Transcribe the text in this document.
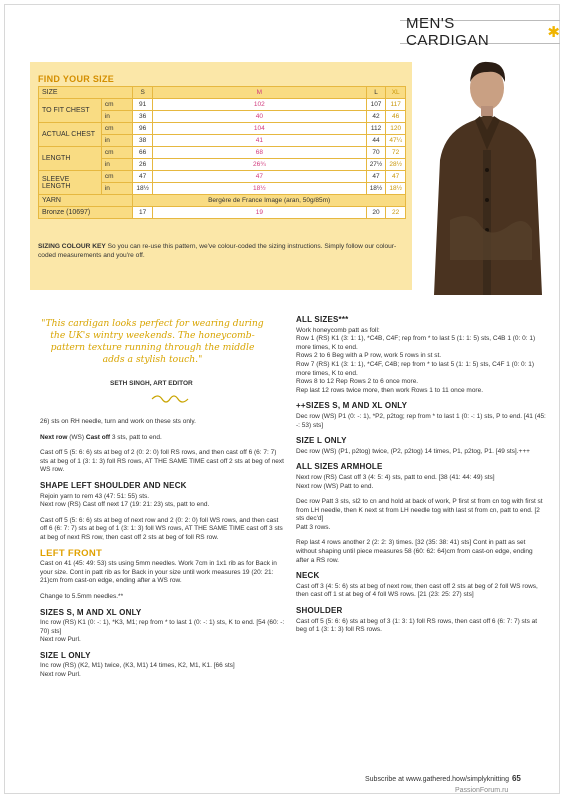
MEN'S CARDIGAN	✱
FIND YOUR SIZE
SIZE		S	M	L	XL
TO FIT CHEST	cm	91	102	107	117
	in	36	40	42	46
ACTUAL CHEST	cm	96	104	112	120
	in	38	41	44	47¼
LENGTH	cm	66	68	70	72
	in	26	26¾	27½	28½
SLEEVE LENGTH	cm	47	47	47	47
	in	18½	18½	18½	18½
YARN		Bergère de France Image (aran, 50g/85m)			
Bronze (10697)		17	19	20	22
SIZING COLOUR KEY So you can re-use this pattern, we've colour-coded the sizing instructions. Simply follow our colour-coded measurements and you're off.
"This cardigan looks perfect for wearing during the UK's wintry weekends. The honeycomb-pattern texture running through the middle adds a stylish touch."
SETH SINGH, ART EDITOR

26) sts on RH needle, turn and work on these sts only.

Next row (WS) Cast off 3 sts, patt to end.

Cast off 5 (5: 6: 6) sts at beg of 2 (0: 2: 0) foll RS rows, and then cast off 6 (6: 7: 7) sts at beg of 1 (3: 1: 3) foll RS rows, AT THE SAME TIME cast off 2 sts at beg of next WS row.

SHAPE LEFT SHOULDER AND NECK

Rejoin yarn to rem 43 (47: 51: 55) sts.

Next row (RS) Cast off next 17 (19: 21: 23) sts, patt to end.

Cast off 5 (5: 6: 6) sts at beg of next row and 2 (0: 2: 0) foll WS rows, and then cast off 6 (6: 7: 7) sts at beg of 1 (3: 1: 3) foll WS rows, AT THE SAME TIME cast off 3 sts at beg of next RS row, then cast off 2 sts at beg of foll RS row.

LEFT FRONT

Cast on 41 (45: 49: 53) sts using 5mm needles. Work 7cm in 1x1 rib as for Back in your size. Cont in patt rib as for Back in your size until work measures 19 (20: 21: 21)cm from cast-on edge, ending after a WS row.

Change to 5.5mm needles.**

SIZES S, M AND XL ONLY

Inc row (RS) K1 (0: -: 1), *K3, M1; rep from * to last 1 (0: -: 1) sts, K to end. [54 (60: -: 70) sts]

Next row Purl.

SIZE L ONLY

Inc row (RS) (K2, M1) twice, (K3, M1) 14 times, K2, M1, K1. [66 sts]

Next row Purl.

ALL SIZES***

Work honeycomb patt as foll:

Row 1 (RS) K1 (3: 1: 1), *C4B, C4F; rep from * to last 5 (1: 1: 5) sts, C4B 1 (0: 0: 1) more times, K to end.

Rows 2 to 6 Beg with a P row, work 5 rows in st st.

Row 7 (RS) K1 (3: 1: 1), *C4F, C4B; rep from * to last 5 (1: 1: 5) sts, C4F 1 (0: 0: 1) more times, K to end.

Rows 8 to 12 Rep Rows 2 to 6 once more.

Rep last 12 rows twice more, then work Rows 1 to 11 once more.

++SIZES S, M AND XL ONLY

Dec row (WS) P1 (0: -: 1), *P2, p2tog; rep from * to last 1 (0: -: 1) sts, P to end. [41 (45: -: 53) sts]

SIZE L ONLY

Dec row (WS) (P1, p2tog) twice, (P2, p2tog) 14 times, P1, p2tog, P1. [49 sts].+++

ALL SIZES ARMHOLE

Next row (RS) Cast off 3 (4: 5: 4) sts, patt to end. [38 (41: 44: 49) sts]

Next row (WS) Patt to end.

Dec row Patt 3 sts, sl2 to cn and hold at back of work, P first st from cn tog with first st from LH needle, then K next st from LH needle tog with last st from cn, patt to end. [2 sts dec'd]

Patt 3 rows.

Rep last 4 rows another 2 (2: 2: 3) times. [32 (35: 38: 41) sts] Cont in patt as set without shaping until piece measures 58 (60: 62: 64)cm from cast-on edge, ending after a RS row.

NECK

Cast off 3 (4: 5: 6) sts at beg of next row, then cast off 2 sts at beg of 2 foll WS rows, then cast off 1 st at beg of 4 foll WS rows. [21 (23: 25: 27) sts]

SHOULDER

Cast off 5 (5: 6: 6) sts at beg of 3 (1: 3: 1) foll RS rows, then cast off 6 (6: 7: 7) sts at beg of 1 (3: 1: 3) foll RS rows.

Subscribe at www.gathered.how/simplyknitting 65
PassionForum.ru
